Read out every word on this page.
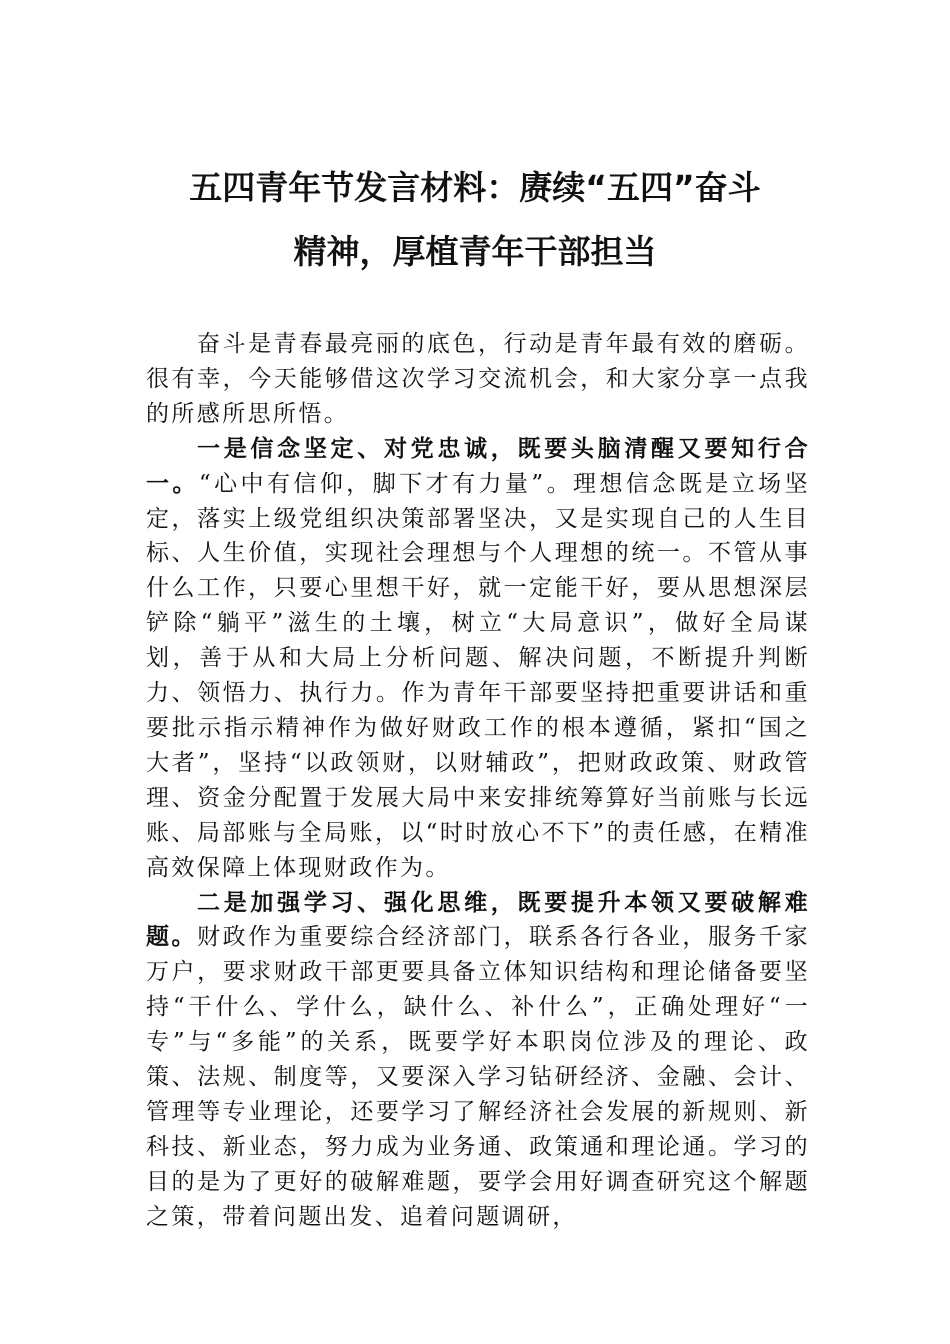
五四青年节发言材料：赓续“五四”奋斗
精神，厚植青年干部担当

奋斗是青春最亮丽的底色，行动是青年最有效的磨砺。很有幸，今天能够借这次学习交流机会，和大家分享一点我的所感所思所悟。

一是信念坚定、对党忠诚，既要头脑清醒又要知行合一。“心中有信仰，脚下才有力量”。理想信念既是立场坚定，落实上级党组织决策部署坚决，又是实现自己的人生目标、人生价值，实现社会理想与个人理想的统一。不管从事什么工作，只要心里想干好，就一定能干好，要从思想深层铲除“躺平”滋生的土壤，树立“大局意识”，做好全局谋划，善于从和大局上分析问题、解决问题，不断提升判断力、领悟力、执行力。作为青年干部要坚持把重要讲话和重要批示指示精神作为做好财政工作的根本遵循，紧扣“国之大者”，坚持“以政领财，以财辅政”，把财政政策、财政管理、资金分配置于发展大局中来安排统筹算好当前账与长远账、局部账与全局账，以“时时放心不下”的责任感，在精准高效保障上体现财政作为。

二是加强学习、强化思维，既要提升本领又要破解难题。财政作为重要综合经济部门，联系各行各业，服务千家万户，要求财政干部更要具备立体知识结构和理论储备要坚持“干什么、学什么，缺什么、补什么”，正确处理好“一专”与“多能”的关系，既要学好本职岗位涉及的理论、政策、法规、制度等，又要深入学习钻研经济、金融、会计、管理等专业理论，还要学习了解经济社会发展的新规则、新科技、新业态，努力成为业务通、政策通和理论通。学习的目的是为了更好的破解难题，要学会用好调查研究这个解题之策，带着问题出发、追着问题调研，
